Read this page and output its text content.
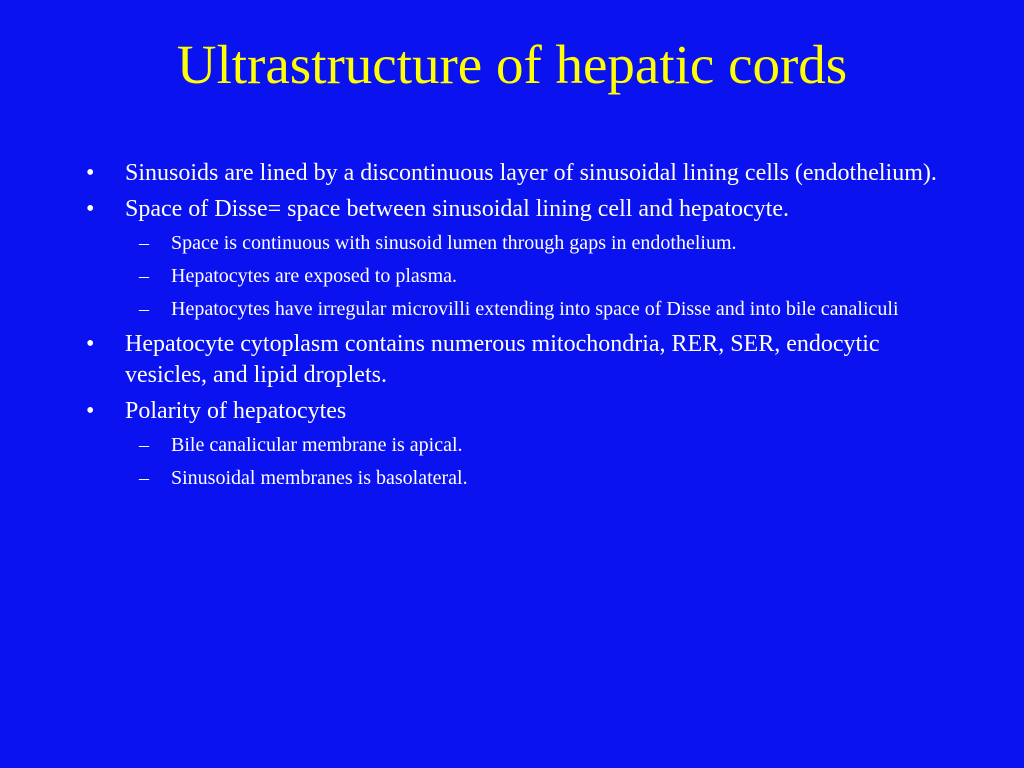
Ultrastructure of hepatic cords
• Sinusoids are lined by a discontinuous layer of sinusoidal lining cells (endothelium).
• Space of Disse= space between sinusoidal lining cell and hepatocyte.
– Space is continuous with sinusoid lumen through gaps in endothelium.
– Hepatocytes are exposed to plasma.
– Hepatocytes have irregular microvilli extending into space of Disse and into bile canaliculi
• Hepatocyte cytoplasm contains numerous mitochondria, RER, SER, endocytic vesicles, and lipid droplets.
• Polarity of hepatocytes
– Bile canalicular membrane is apical.
– Sinusoidal membranes is basolateral.
